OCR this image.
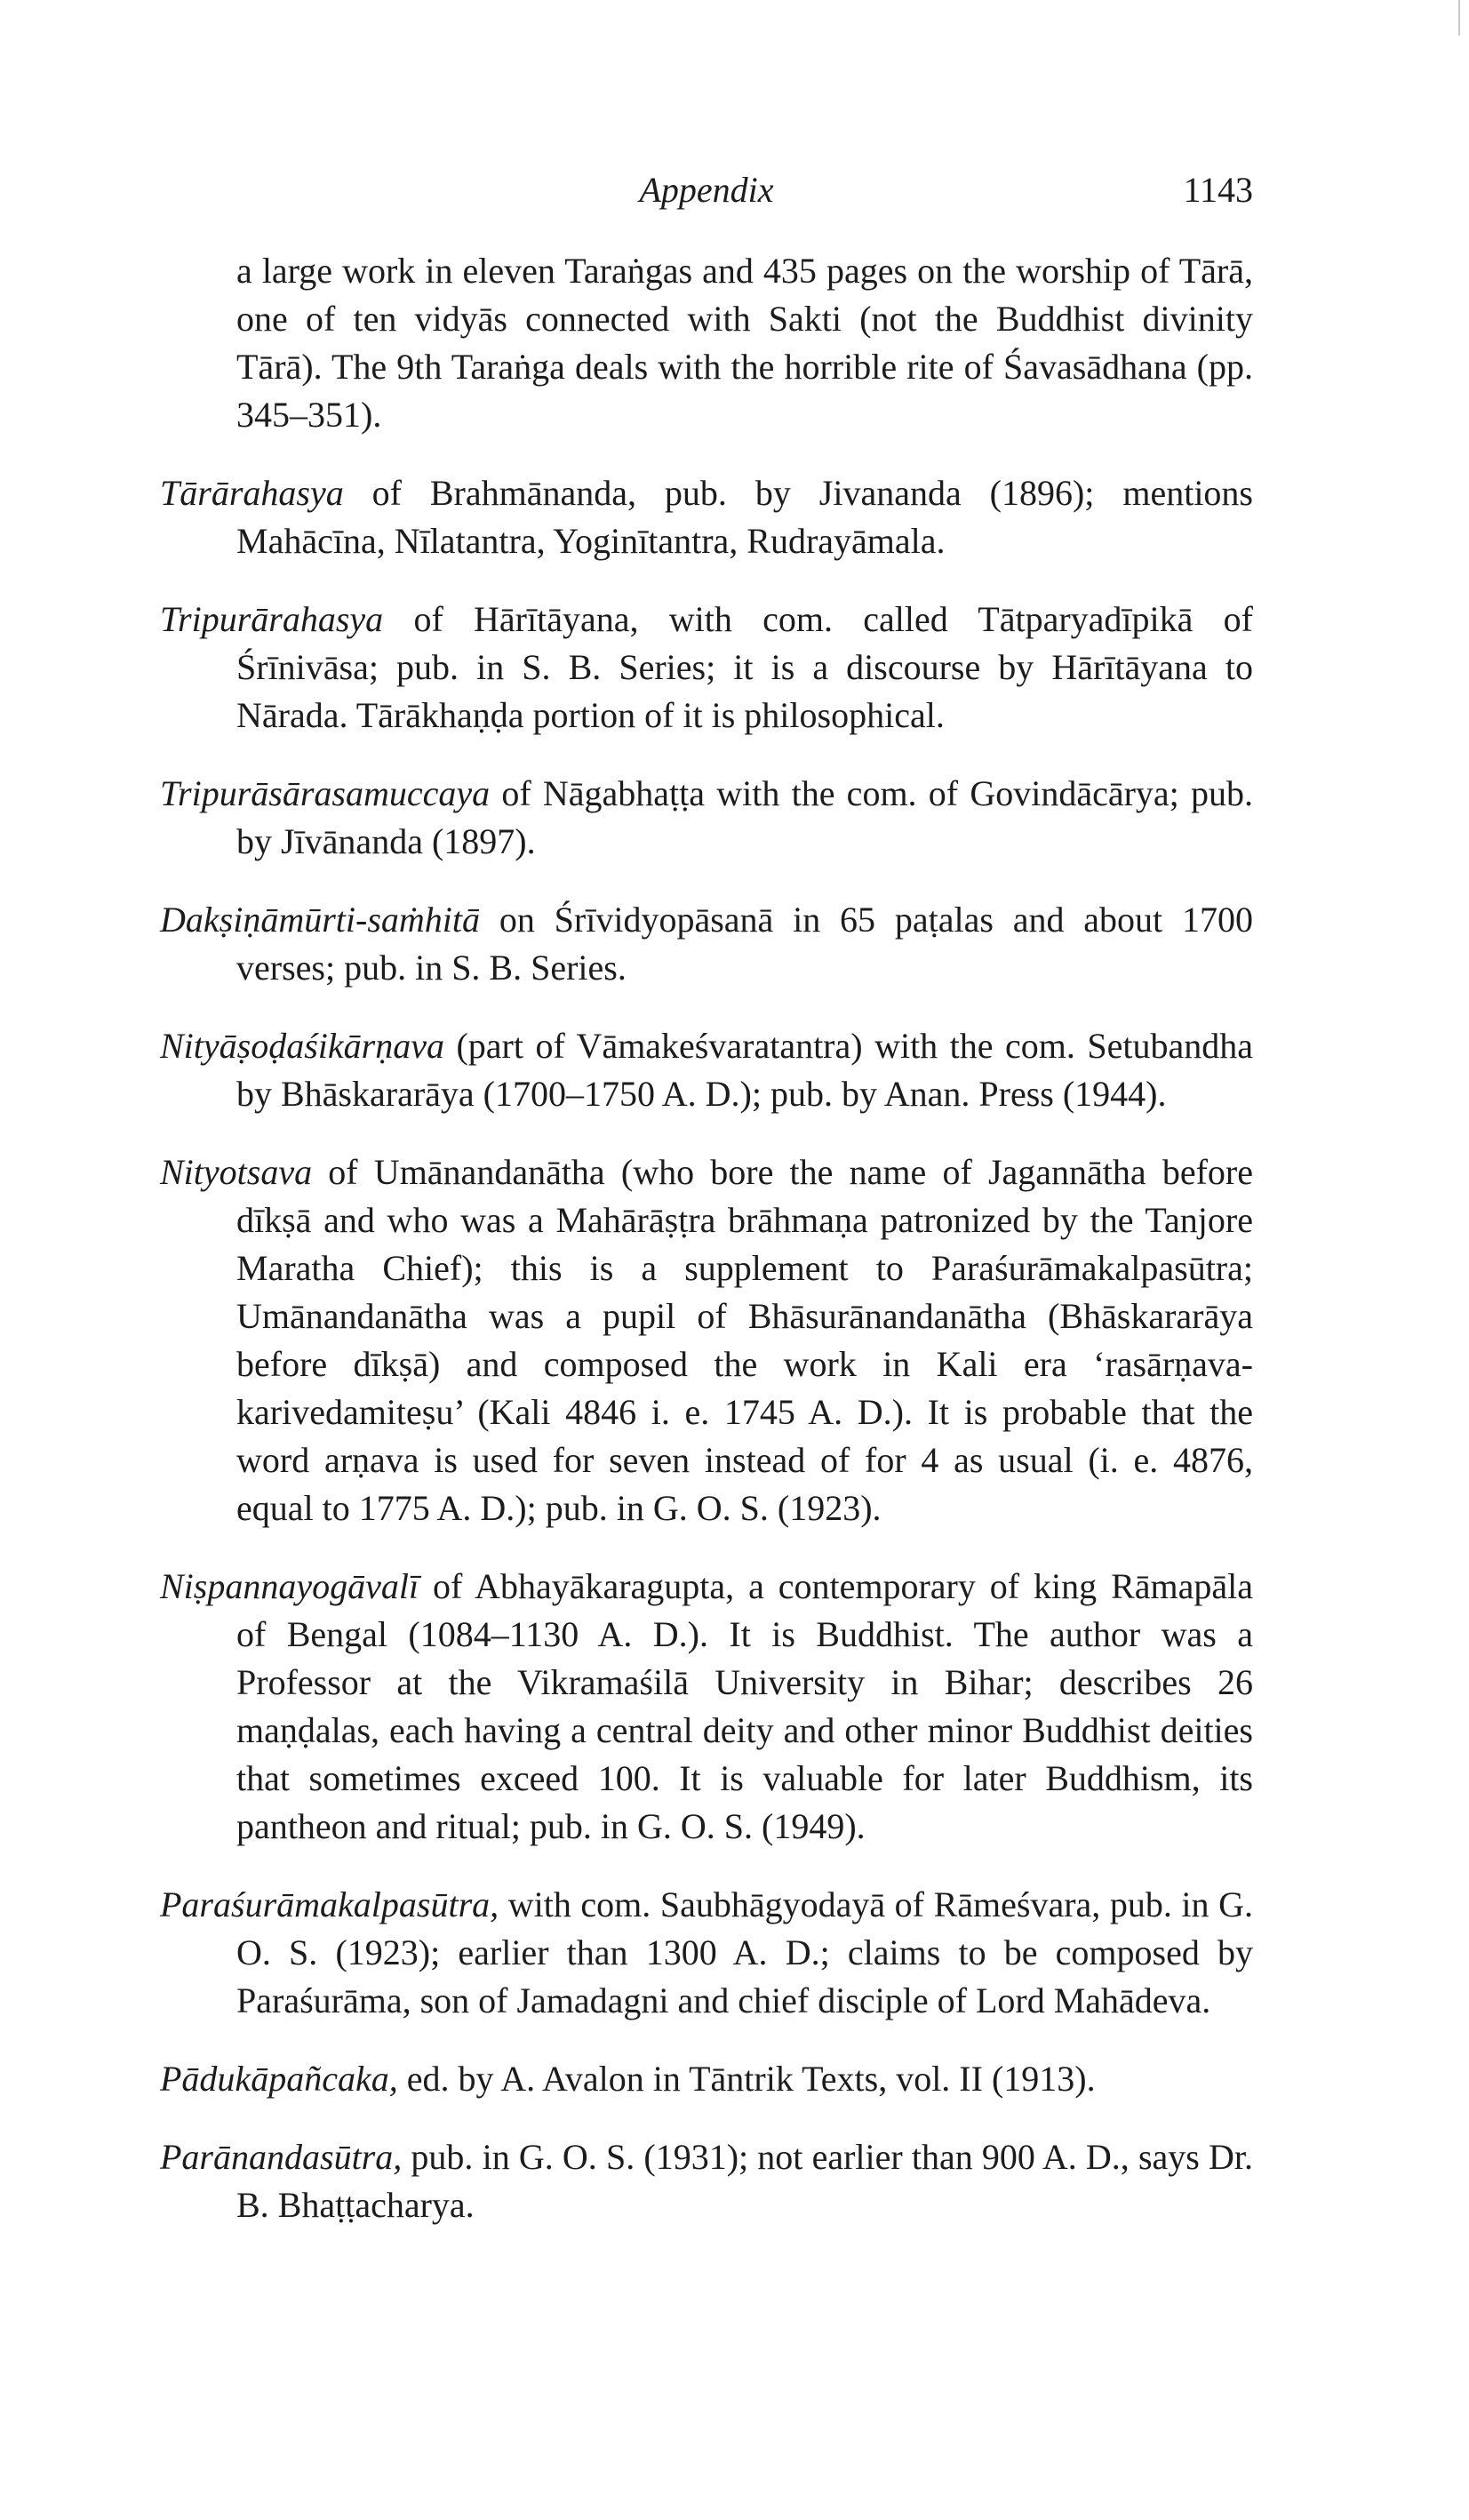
Appendix	1143

a large work in eleven Taraṅgas and 435 pages on the worship of Tārā, one of ten vidyās connected with Sakti (not the Buddhist divinity Tārā). The 9th Taraṅga deals with the horrible rite of Śavasādhana (pp. 345–351).

Tārārahasya of Brahmānanda, pub. by Jivananda (1896); mentions Mahācīna, Nīlatantra, Yoginītantra, Rudrayāmala.

Tripurārahasya of Hārītāyana, with com. called Tātparyadīpikā of Śrīnivāsa; pub. in S. B. Series; it is a discourse by Hārītāyana to Nārada. Tārākhaṇḍa portion of it is philosophical.

Tripurāsārasamuccaya of Nāgabhaṭṭa with the com. of Govindācārya; pub. by Jīvānanda (1897).

Dakṣiṇāmūrti-saṁhitā on Śrīvidyopāsanā in 65 paṭalas and about 1700 verses; pub. in S. B. Series.

Nityāṣoḍaśikārṇava (part of Vāmakeśvaratantra) with the com. Setubandha by Bhāskararāya (1700–1750 A. D.); pub. by Anan. Press (1944).

Nityotsava of Umānandanātha (who bore the name of Jagannātha before dīkṣā and who was a Mahārāṣṭra brāhmaṇa patronized by the Tanjore Maratha Chief); this is a supplement to Paraśurāmakalpasūtra; Umānandanātha was a pupil of Bhāsurānandanātha (Bhāskararāya before dīkṣā) and composed the work in Kali era ‘rasārṇava-karivedamiteṣu’ (Kali 4846 i. e. 1745 A. D.). It is probable that the word arṇava is used for seven instead of for 4 as usual (i. e. 4876, equal to 1775 A. D.); pub. in G. O. S. (1923).

Niṣpannayogāvalī of Abhayākaragupta, a contemporary of king Rāmapāla of Bengal (1084–1130 A. D.). It is Buddhist. The author was a Professor at the Vikramaśilā University in Bihar; describes 26 maṇḍalas, each having a central deity and other minor Buddhist deities that sometimes exceed 100. It is valuable for later Buddhism, its pantheon and ritual; pub. in G. O. S. (1949).

Paraśurāmakalpasūtra, with com. Saubhāgyodayā of Rāmeśvara, pub. in G. O. S. (1923); earlier than 1300 A. D.; claims to be composed by Paraśurāma, son of Jamadagni and chief disciple of Lord Mahādeva.

Pādukāpañcaka, ed. by A. Avalon in Tāntrik Texts, vol. II (1913).

Parānandasūtra, pub. in G. O. S. (1931); not earlier than 900 A. D., says Dr. B. Bhaṭṭacharya.
